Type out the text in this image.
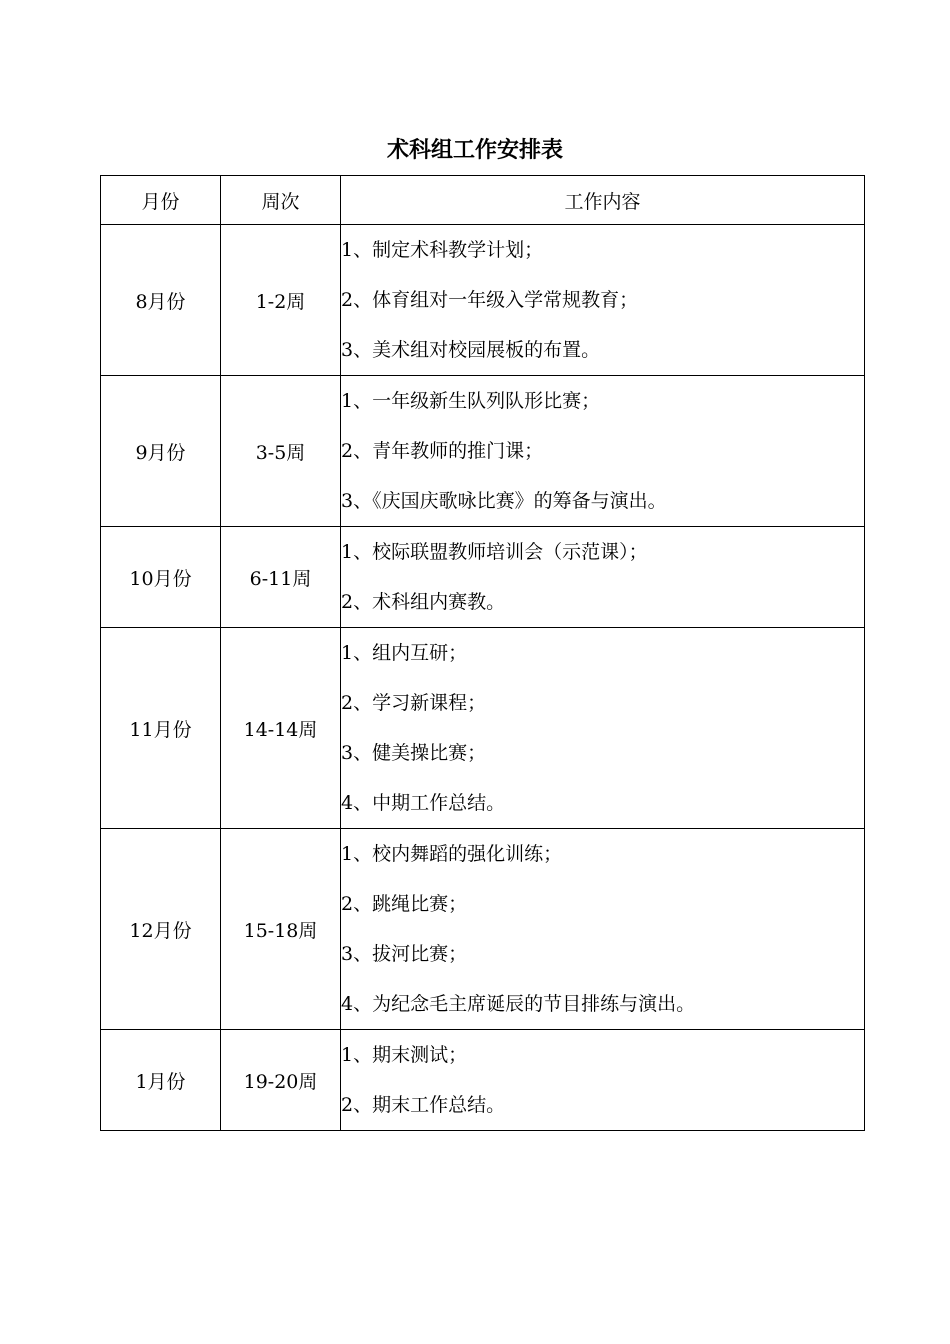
术科组工作安排表
月份	周次	工作内容
8月份	1-2周	1、制定术科教学计划；
2、体育组对一年级入学常规教育；
3、美术组对校园展板的布置。

9月份	3-5周	1、一年级新生队列队形比赛；
2、青年教师的推门课；
3、《庆国庆歌咏比赛》的筹备与演出。

10月份	6-11周	1、校际联盟教师培训会（示范课）；
2、术科组内赛教。

11月份	14-14周	1、组内互研；
2、学习新课程；
3、健美操比赛；
4、中期工作总结。

12月份	15-18周	1、校内舞蹈的强化训练；
2、跳绳比赛；
3、拔河比赛；
4、为纪念毛主席诞辰的节目排练与演出。

1月份	19-20周	1、期末测试；
2、期末工作总结。
